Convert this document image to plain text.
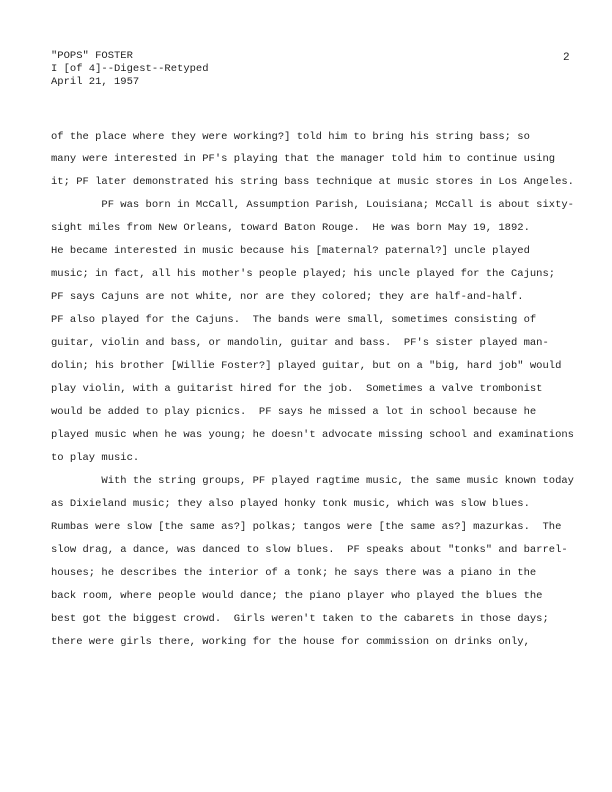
"POPS" FOSTER
I [of 4]--Digest--Retyped
April 21, 1957
2
of the place where they were working?] told him to bring his string bass; so
many were interested in PF's playing that the manager told him to continue using
it; PF later demonstrated his string bass technique at music stores in Los Angeles.
PF was born in McCall, Assumption Parish, Louisiana; McCall is about sixty-
sight miles from New Orleans, toward Baton Rouge.  He was born May 19, 1892.
He became interested in music because his [maternal? paternal?] uncle played
music; in fact, all his mother's people played; his uncle played for the Cajuns;
PF says Cajuns are not white, nor are they colored; they are half-and-half.
PF also played for the Cajuns.  The bands were small, sometimes consisting of
guitar, violin and bass, or mandolin, guitar and bass.  PF's sister played man-
dolin; his brother [Willie Foster?] played guitar, but on a "big, hard job" would
play violin, with a guitarist hired for the job.  Sometimes a valve trombonist
would be added to play picnics.  PF says he missed a lot in school because he
played music when he was young; he doesn't advocate missing school and examinations
to play music.
With the string groups, PF played ragtime music, the same music known today
as Dixieland music; they also played honky tonk music, which was slow blues.
Rumbas were slow [the same as?] polkas; tangos were [the same as?] mazurkas.  The
slow drag, a dance, was danced to slow blues.  PF speaks about "tonks" and barrel-
houses; he describes the interior of a tonk; he says there was a piano in the
back room, where people would dance; the piano player who played the blues the
best got the biggest crowd.  Girls weren't taken to the cabarets in those days;
there were girls there, working for the house for commission on drinks only,
